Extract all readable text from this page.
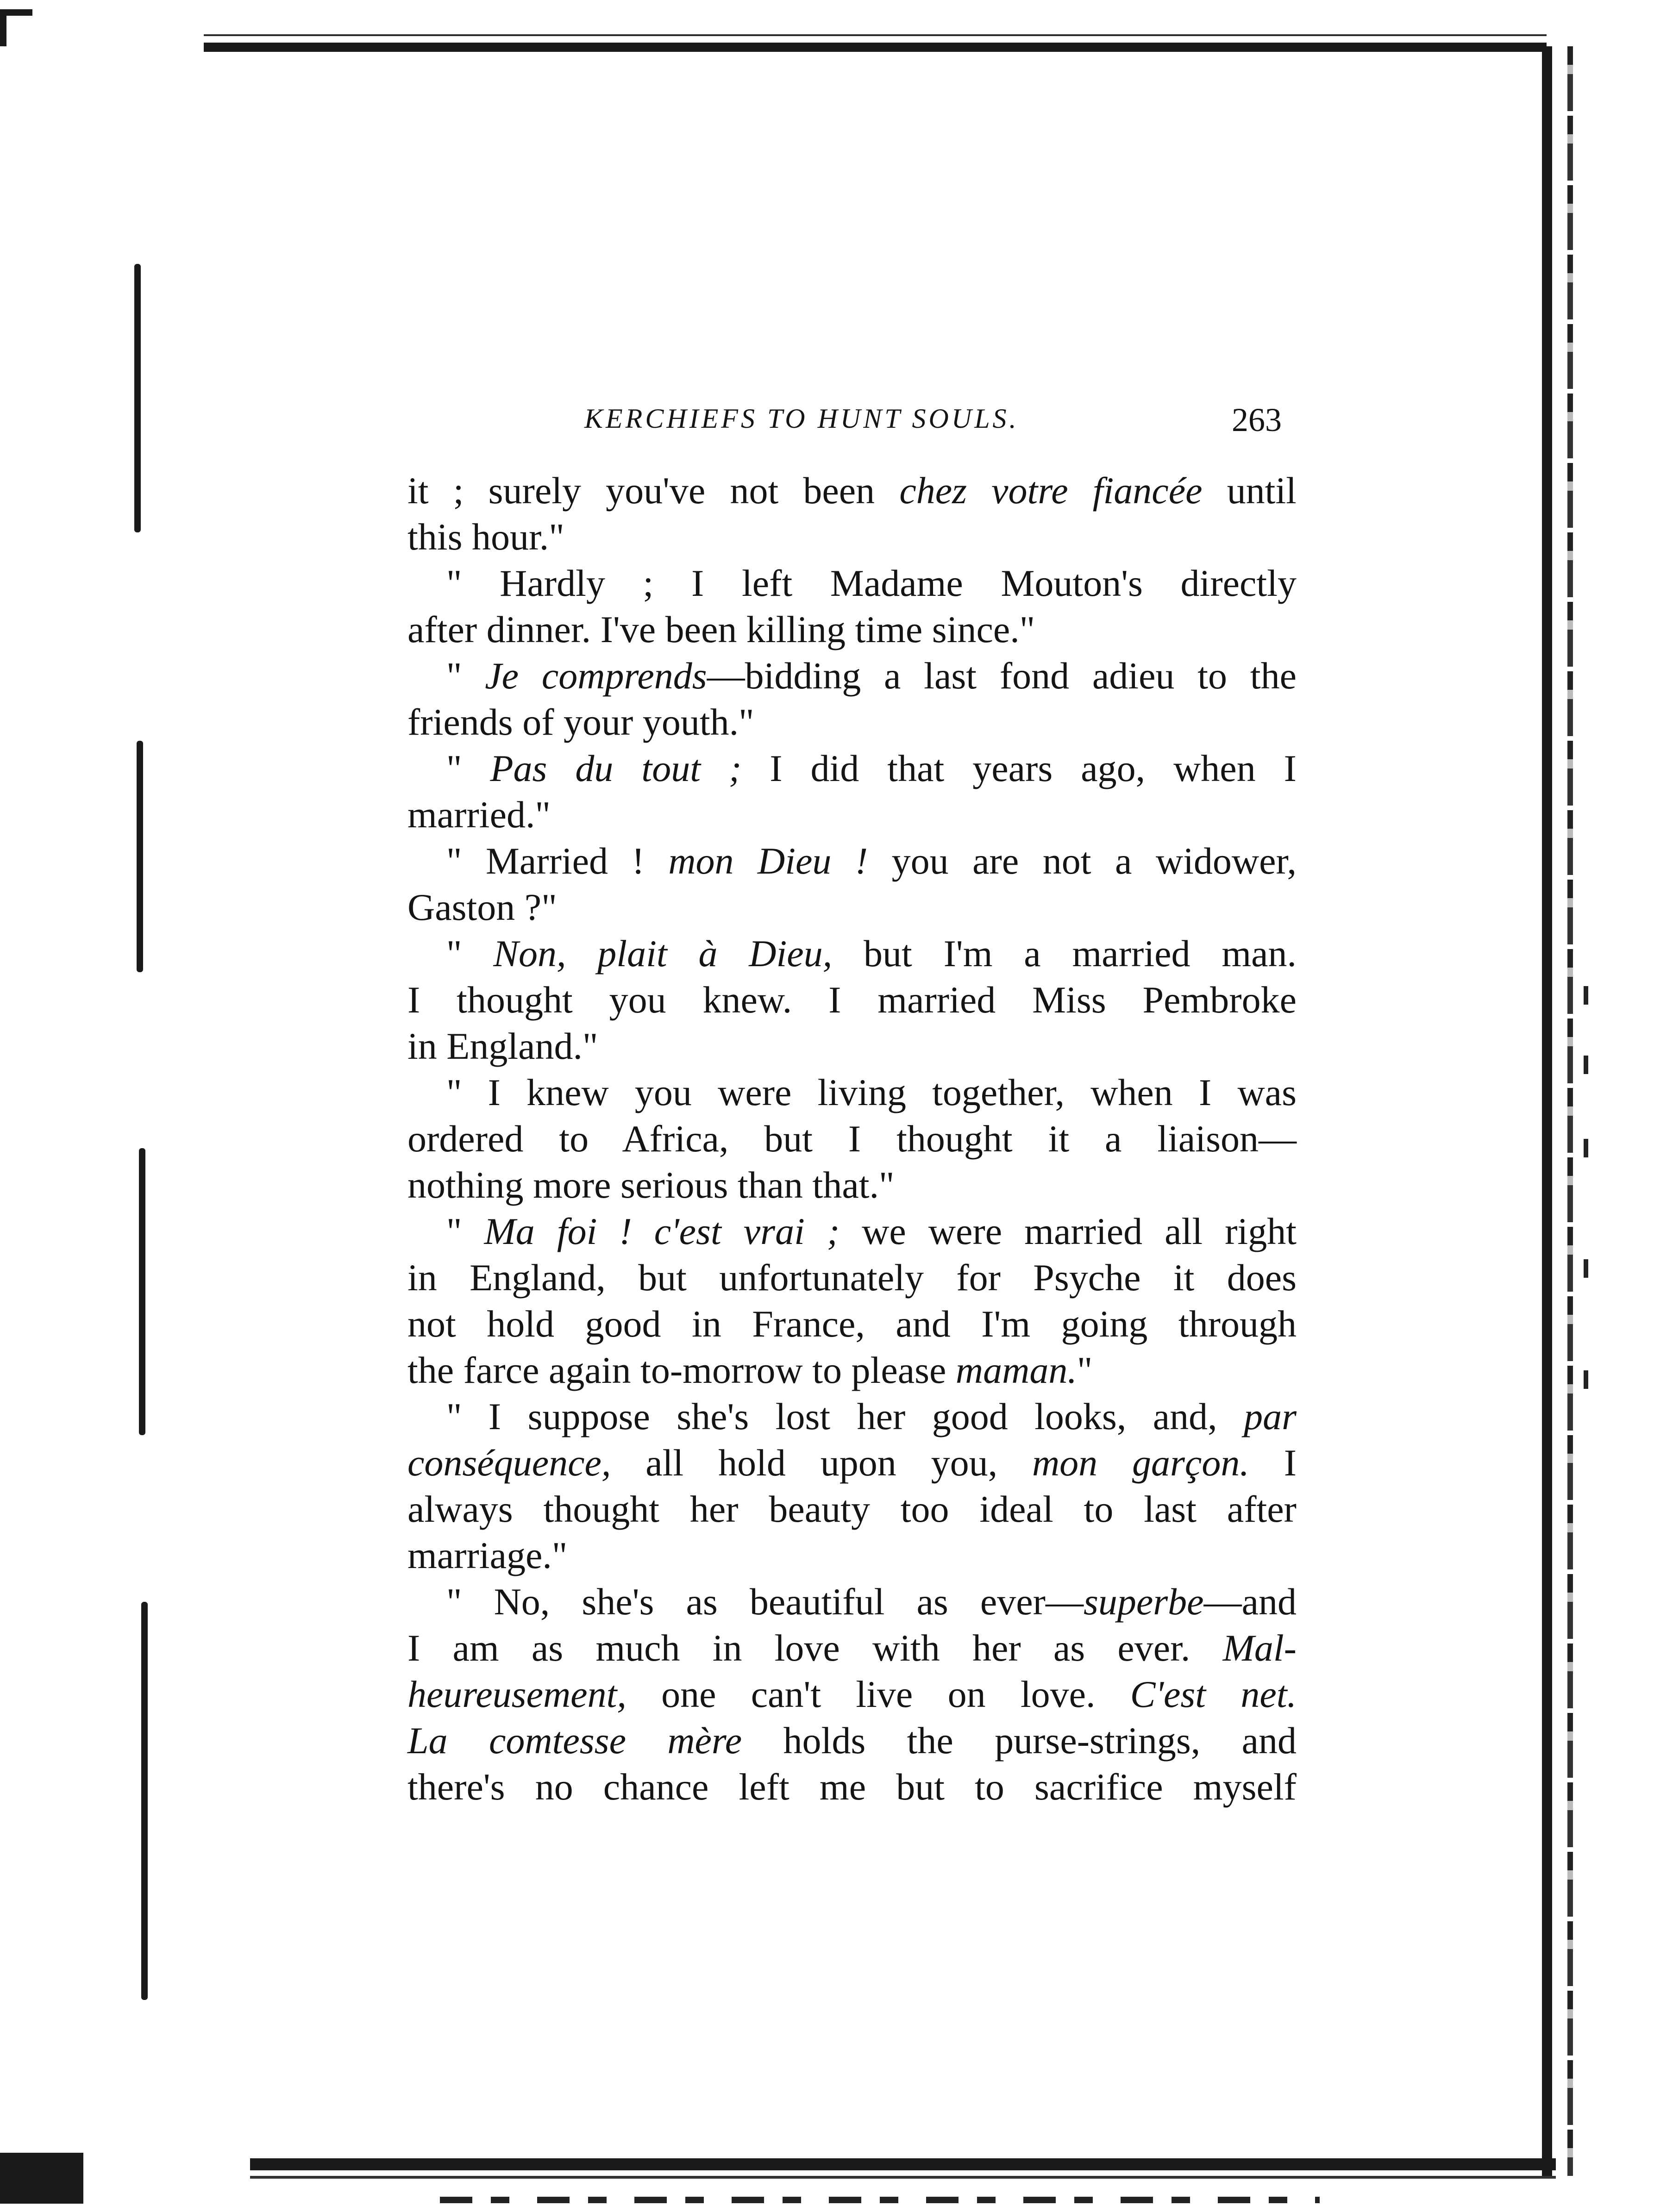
KERCHIEFS TO HUNT SOULS.	263
it ; surely you've not been chez votre fiancée until
this hour."
" Hardly ; I left Madame Mouton's directly
after dinner. I've been killing time since."
" Je comprends—bidding a last fond adieu to the
friends of your youth."
" Pas du tout ; I did that years ago, when I
married."
" Married ! mon Dieu ! you are not a widower,
Gaston ?"
" Non, plait à Dieu, but I'm a married man.
I thought you knew. I married Miss Pembroke
in England."
" I knew you were living together, when I was
ordered to Africa, but I thought it a liaison—
nothing more serious than that."
" Ma foi ! c'est vrai ; we were married all right
in England, but unfortunately for Psyche it does
not hold good in France, and I'm going through
the farce again to-morrow to please maman."
" I suppose she's lost her good looks, and, par
conséquence, all hold upon you, mon garçon. I
always thought her beauty too ideal to last after
marriage."
" No, she's as beautiful as ever—superbe—and
I am as much in love with her as ever. Mal-
heureusement, one can't live on love. C'est net.
La comtesse mère holds the purse-strings, and
there's no chance left me but to sacrifice myself
